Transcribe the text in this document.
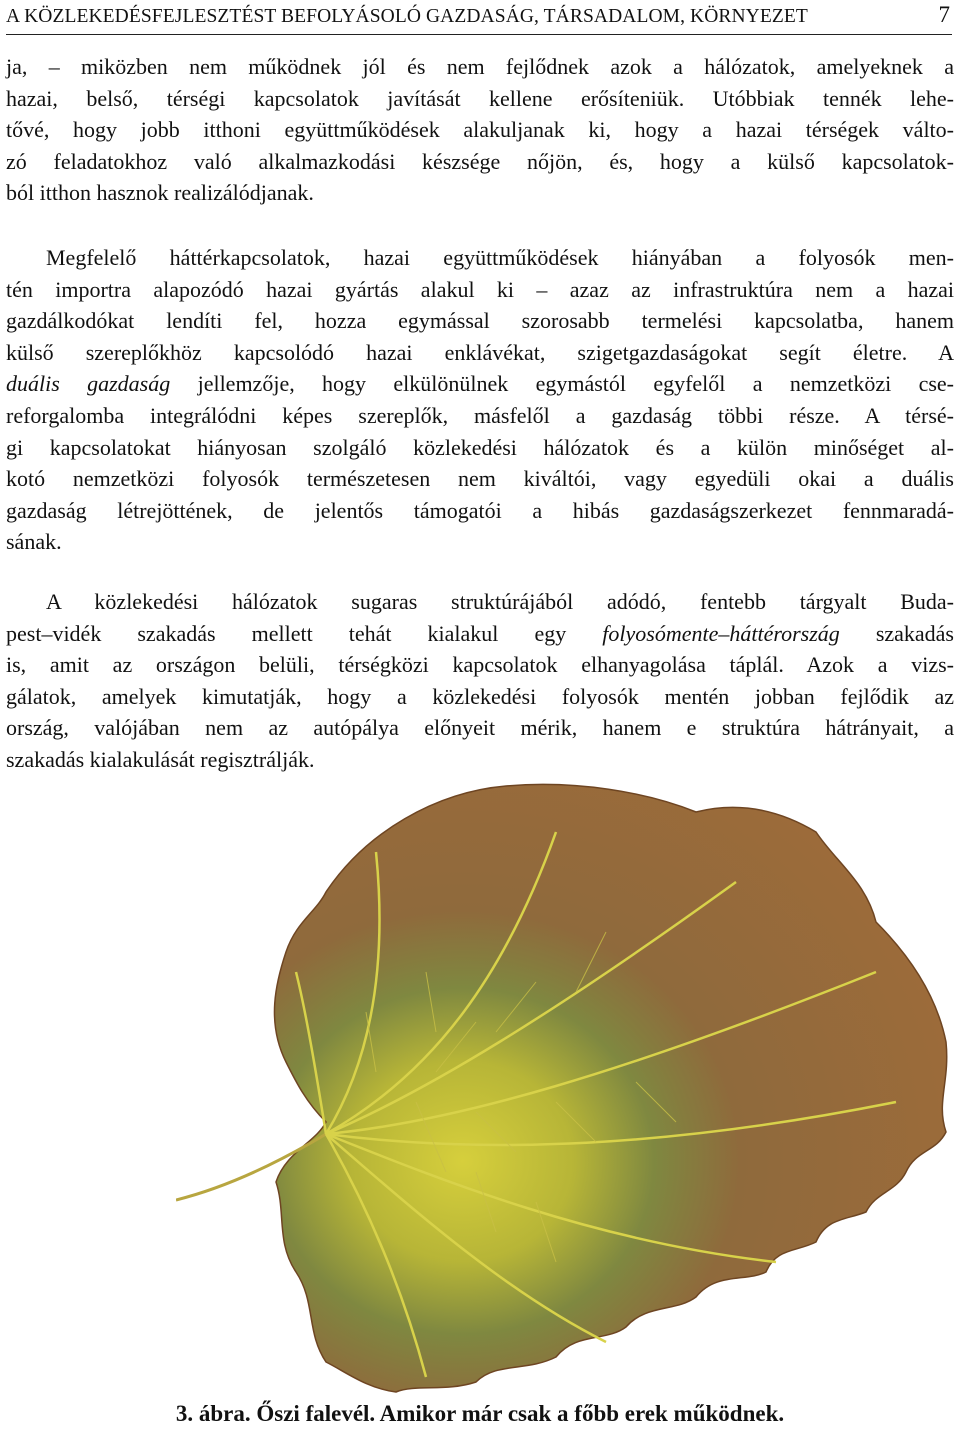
A KÖZLEKEDÉSFEJLESZTÉST BEFOLYÁSOLÓ GAZDASÁG, TÁRSADALOM, KÖRNYEZET	7
ja, – miközben nem működnek jól és nem fejlődnek azok a hálózatok, amelyeknek a
hazai, belső, térségi kapcsolatok javítását kellene erősíteniük. Utóbbiak tennék lehe-
tővé, hogy jobb itthoni együttműködések alakuljanak ki, hogy a hazai térségek válto-
zó feladatokhoz való alkalmazkodási készsége nőjön, és, hogy a külső kapcsolatok-
ból itthon hasznok realizálódjanak.
Megfelelő háttérkapcsolatok, hazai együttműködések hiányában a folyosók men-
tén importra alapozódó hazai gyártás alakul ki – azaz az infrastruktúra nem a hazai
gazdálkodókat lendíti fel, hozza egymással szorosabb termelési kapcsolatba, hanem
külső szereplőkhöz kapcsolódó hazai enklávékat, szigetgazdaságokat segít életre. A
duális gazdaság jellemzője, hogy elkülönülnek egymástól egyfelől a nemzetközi cse-
reforgalomba integrálódni képes szereplők, másfelől a gazdaság többi része. A térsé-
gi kapcsolatokat hiányosan szolgáló közlekedési hálózatok és a külön minőséget al-
kotó nemzetközi folyosók természetesen nem kiváltói, vagy egyedüli okai a duális
gazdaság létrejöttének, de jelentős támogatói a hibás gazdaságszerkezet fennmaradá-
sának.
A közlekedési hálózatok sugaras struktúrájából adódó, fentebb tárgyalt Buda-
pest–vidék szakadás mellett tehát kialakul egy folyosómente–háttérország szakadás
is, amit az országon belüli, térségközi kapcsolatok elhanyagolása táplál. Azok a vizs-
gálatok, amelyek kimutatják, hogy a közlekedési folyosók mentén jobban fejlődik az
ország, valójában nem az autópálya előnyeit mérik, hanem e struktúra hátrányait, a
szakadás kialakulását regisztrálják.
3. ábra. Őszi falevél. Amikor már csak a főbb erek működnek.
